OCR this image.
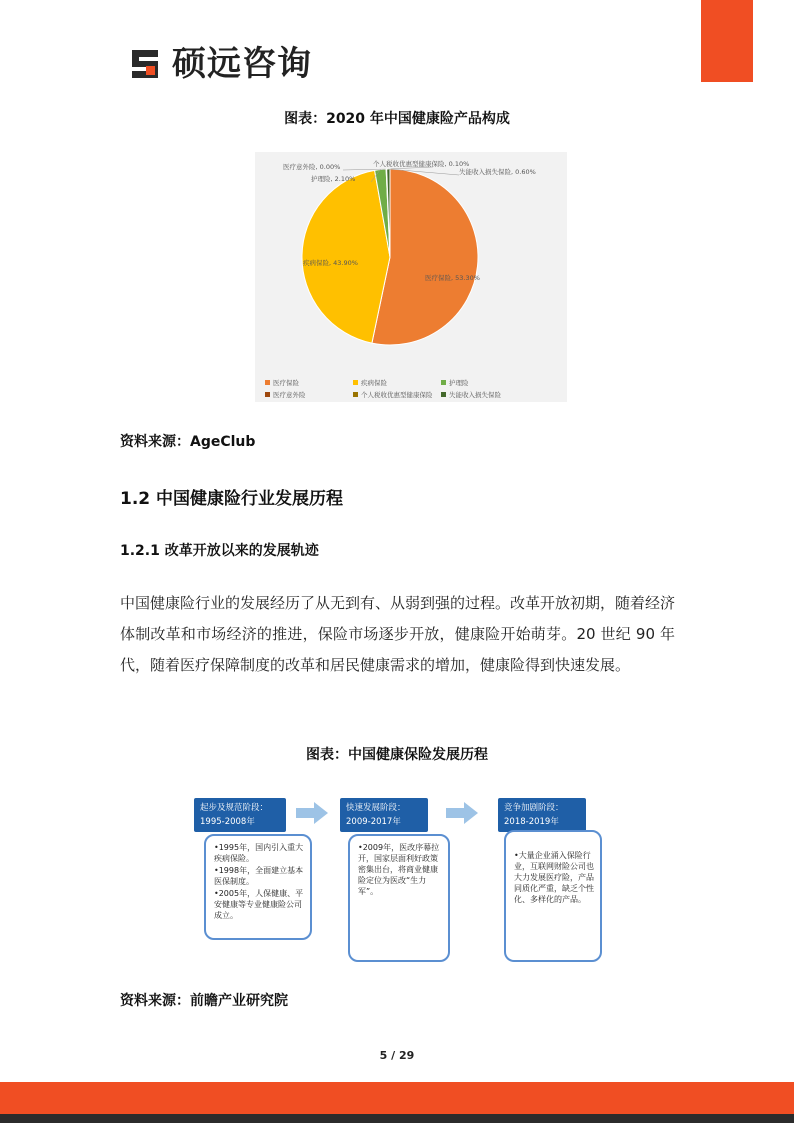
硕远咨询
图表：2020 年中国健康险产品构成
医疗保险, 53.30%
疾病保险, 43.90%
护理险, 2.10%
医疗意外险, 0.00%	个人税收优惠型健康保险, 0.10%
失能收入损失保险, 0.60%
医疗保险	疾病保险	护理险
医疗意外险	个人税收优惠型健康保险	失能收入损失保险
资料来源：AgeClub
1.2 中国健康险行业发展历程
1.2.1 改革开放以来的发展轨迹
中国健康险行业的发展经历了从无到有、从弱到强的过程。改革开放初期，随着经济体制改革和市场经济的推进，保险市场逐步开放，健康险开始萌芽。20 世纪 90 年代，随着医疗保障制度的改革和居民健康需求的增加，健康险得到快速发展。
图表：中国健康保险发展历程
起步及规范阶段：
1995-2008年

•1995年，国内引入重大疾病保险。

•1998年，全面建立基本医保制度。

•2005年，人保健康、平安健康等专业健康险公司成立。

快速发展阶段：
2009-2017年

•2009年，医改序幕拉开，国家层面利好政策密集出台，将商业健康险定位为医改“生力军”。

竞争加剧阶段：
2018-2019年

•大量企业涌入保险行业，互联网财险公司也大力发展医疗险，产品同质化严重，缺乏个性化、多样化的产品。

资料来源：前瞻产业研究院
5 / 29
